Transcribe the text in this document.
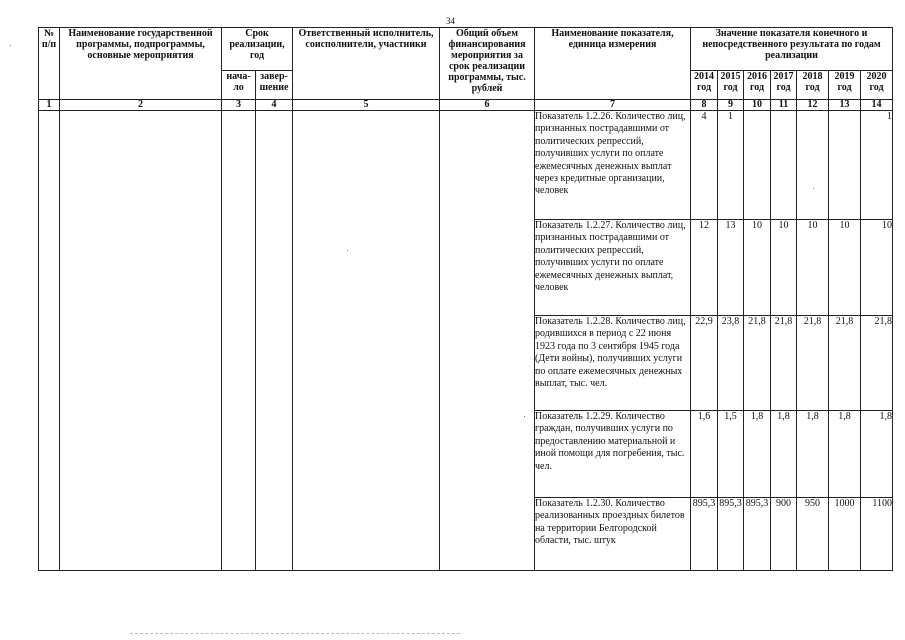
34
№ п/п	Наименование государственной программы, подпрограммы, основные мероприятия	Срок реализации, год		Ответственный исполнитель, соисполнители, участники	Общий объем финансирования мероприятия за срок реализации программы, тыс. рублей	Наименование показателя, единица измерения	Значение показателя конечного и непосредственного результата по годам реализации						
		нача-ло	завер-шение				2014 год	2015 год	2016 год	2017 год	2018 год	2019 год	2020 год
1	2	3	4	5	6	7	8	9	10	11	12	13	14
						Показатель 1.2.26. Количество лиц, признанных пострадавшими от политических репрессий, получивших услуги по оплате ежемесячных денежных выплат через кредитные организации, человек	4	1					1
						Показатель 1.2.27. Количество лиц, признанных пострадавшими от политических репрессий, получивших услуги по оплате ежемесячных денежных выплат, человек	12	13	10	10	10	10	10
						Показатель 1.2.28. Количество лиц, родившихся в период с 22 июня 1923 года по 3 сентября 1945 года (Дети войны), получивших услуги по оплате ежемесячных денежных выплат, тыс. чел.	22,9	23,8	21,8	21,8	21,8	21,8	21,8
						Показатель 1.2.29. Количество граждан, получивших услуги по предоставлению материальной и иной помощи для погребения, тыс. чел.	1,6	1,5	1,8	1,8	1,8	1,8	1,8
						Показатель 1.2.30. Количество реализованных проездных билетов на территории Белгородской области, тыс. штук	895,3	895,3	895,3	900	950	1000	1100
